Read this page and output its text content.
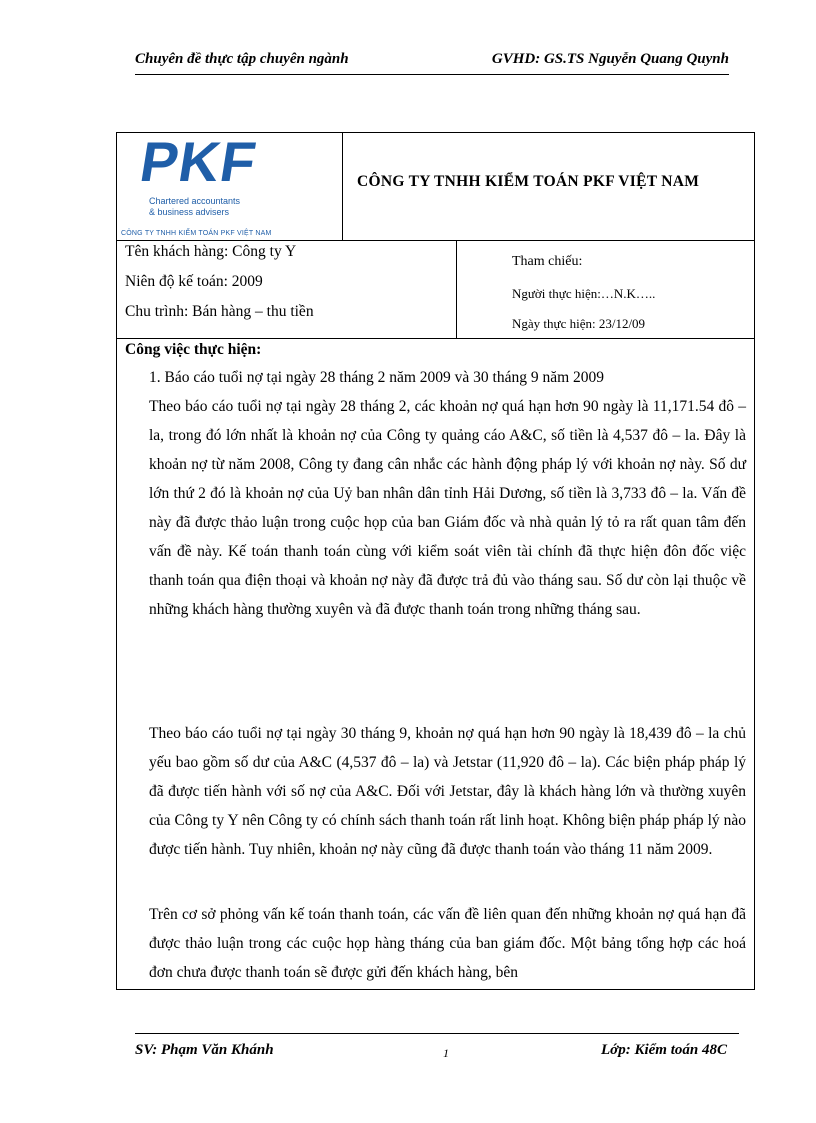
Chuyên đề thực tập chuyên ngành	GVHD: GS.TS Nguyễn Quang Quynh
PKF
Chartered accountants
& business advisers
CÔNG TY TNHH KIỂM TOÁN PKF VIỆT NAM
CÔNG TY TNHH KIỂM TOÁN PKF VIỆT NAM
Tên khách hàng: Công ty Y
Niên độ kế toán: 2009
Chu trình: Bán hàng – thu tiền
Tham chiếu:
Người thực hiện:…N.K…..
Ngày thực hiện: 23/12/09
Công việc thực hiện:
1. Báo cáo tuổi nợ tại ngày 28 tháng 2 năm 2009 và 30 tháng 9 năm 2009

Theo báo cáo tuổi nợ tại ngày 28 tháng 2, các khoản nợ quá hạn hơn 90 ngày là 11,171.54 đô – la, trong đó lớn nhất là khoản nợ của Công ty quảng cáo A&C, số tiền là 4,537 đô – la. Đây là khoản nợ từ năm 2008, Công ty đang cân nhắc các hành động pháp lý với khoản nợ này. Số dư lớn thứ 2 đó là khoản nợ của Uỷ ban nhân dân tỉnh Hải Dương, số tiền là 3,733 đô – la. Vấn đề này đã được thảo luận trong cuộc họp của ban Giám đốc và nhà quản lý tỏ ra rất quan tâm đến vấn đề này. Kế toán thanh toán cùng với kiểm soát viên tài chính đã thực hiện đôn đốc việc thanh toán qua điện thoại và khoản nợ này đã được trả đủ vào tháng sau. Số dư còn lại thuộc về những khách hàng thường xuyên và đã được thanh toán trong những tháng sau.

Theo báo cáo tuổi nợ tại ngày 30 tháng 9, khoản nợ quá hạn hơn 90 ngày là 18,439 đô – la chủ yếu bao gồm số dư của A&C (4,537 đô – la) và Jetstar (11,920 đô – la). Các biện pháp pháp lý đã được tiến hành với số nợ của A&C. Đối với Jetstar, đây là khách hàng lớn và thường xuyên của Công ty Y nên Công ty có chính sách thanh toán rất linh hoạt. Không biện pháp pháp lý nào được tiến hành. Tuy nhiên, khoản nợ này cũng đã được thanh toán vào tháng 11 năm 2009.

Trên cơ sở phỏng vấn kế toán thanh toán, các vấn đề liên quan đến những khoản nợ quá hạn đã được thảo luận trong các cuộc họp hàng tháng của ban giám đốc. Một bảng tổng hợp các hoá đơn chưa được thanh toán sẽ được gửi đến khách hàng, bên

SV: Phạm Văn Khánh	1	Lớp: Kiểm toán 48C
